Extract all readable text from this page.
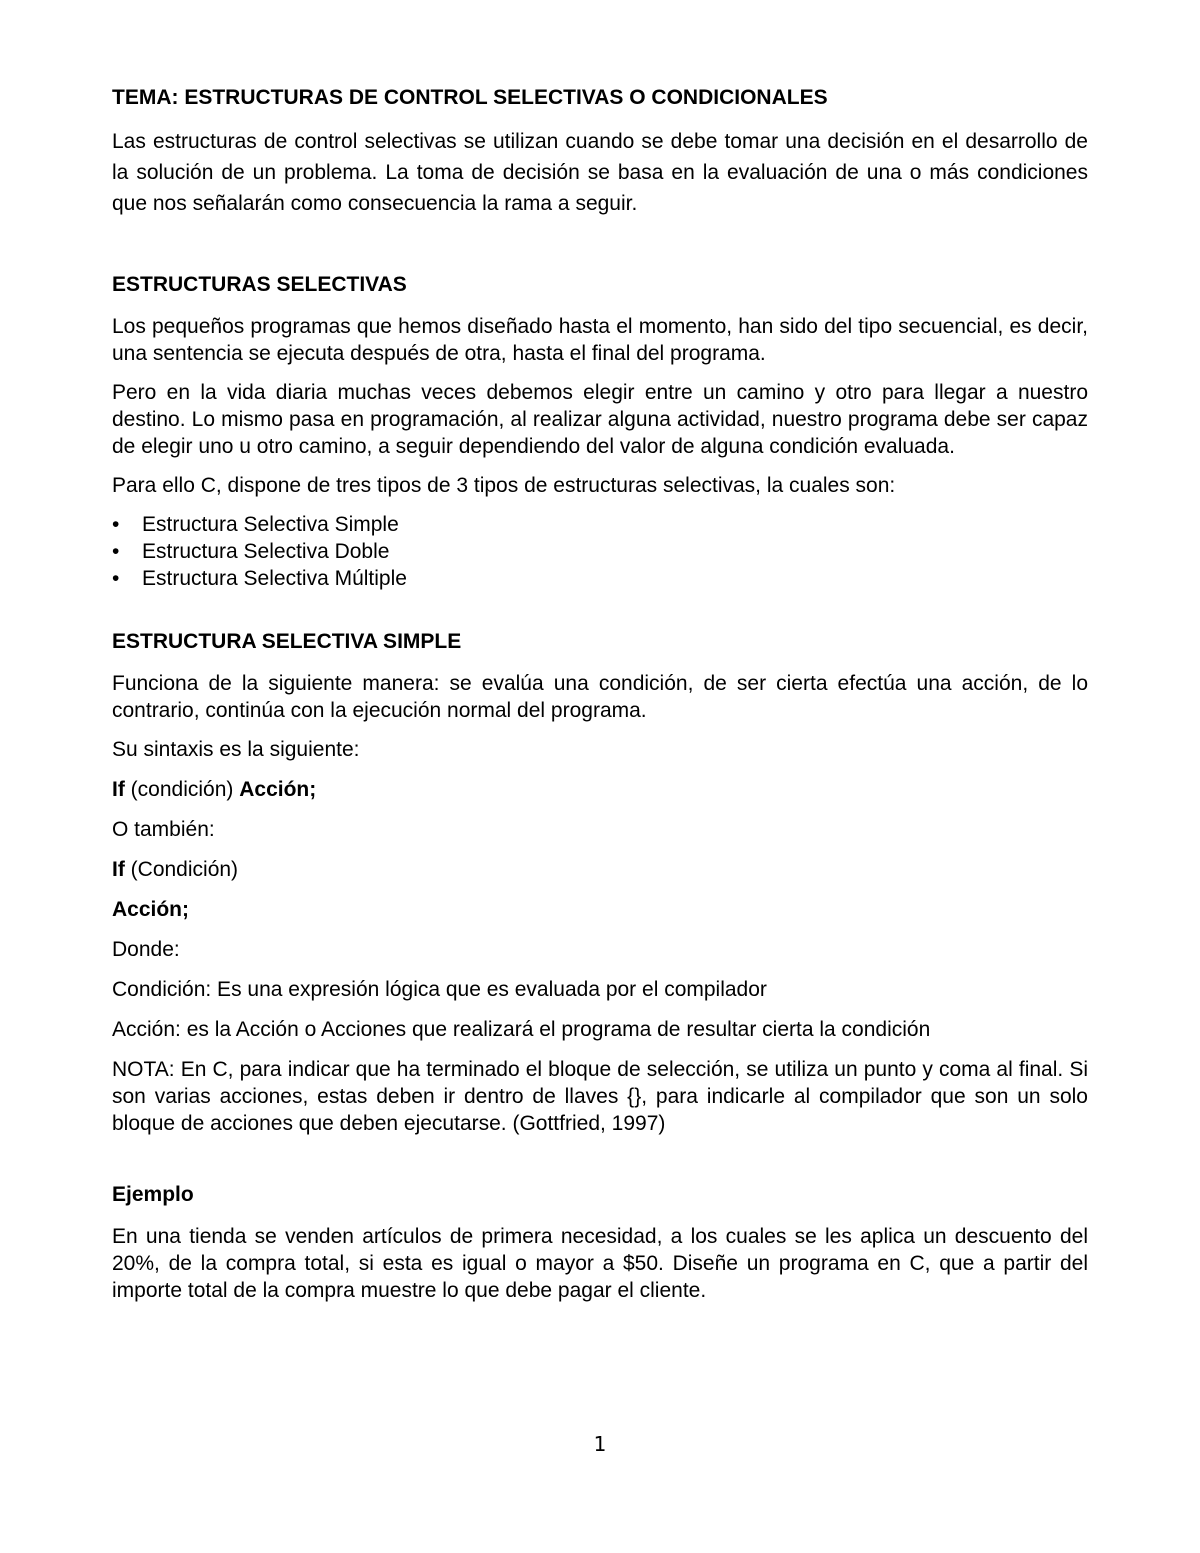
TEMA: ESTRUCTURAS DE CONTROL SELECTIVAS O CONDICIONALES

Las estructuras de control selectivas se utilizan cuando se debe tomar una decisión en el desarrollo de la solución de un problema. La toma de decisión se basa en la evaluación de una o más condiciones que nos señalarán como consecuencia la rama a seguir.

ESTRUCTURAS SELECTIVAS

Los pequeños programas que hemos diseñado hasta el momento, han sido del tipo secuencial, es decir, una sentencia se ejecuta después de otra, hasta el final del programa.

Pero en la vida diaria muchas veces debemos elegir entre un camino y otro para llegar a nuestro destino. Lo mismo pasa en programación, al realizar alguna actividad, nuestro programa debe ser capaz de elegir uno u otro camino, a seguir dependiendo del valor de alguna condición evaluada.

Para ello C, dispone de tres tipos de 3 tipos de estructuras selectivas, la cuales son:

•	Estructura Selectiva Simple
•	Estructura Selectiva Doble
•	Estructura Selectiva Múltiple
ESTRUCTURA SELECTIVA SIMPLE

Funciona de la siguiente manera: se evalúa una condición, de ser cierta efectúa una acción, de lo contrario, continúa con la ejecución normal del programa.

Su sintaxis es la siguiente:

If (condición) Acción;

O también:

If (Condición)

Acción;

Donde:

Condición: Es una expresión lógica que es evaluada por el compilador

Acción: es la Acción o Acciones que realizará el programa de resultar cierta la condición

NOTA: En C, para indicar que ha terminado el bloque de selección, se utiliza un punto y coma al final. Si son varias acciones, estas deben ir dentro de llaves {}, para indicarle al compilador que son un solo bloque de acciones que deben ejecutarse. (Gottfried, 1997)

Ejemplo

En una tienda se venden artículos de primera necesidad, a los cuales se les aplica un descuento del 20%, de la compra total, si esta es igual o mayor a $50. Diseñe un programa en C, que a partir del importe total de la compra muestre lo que debe pagar el cliente.

1
